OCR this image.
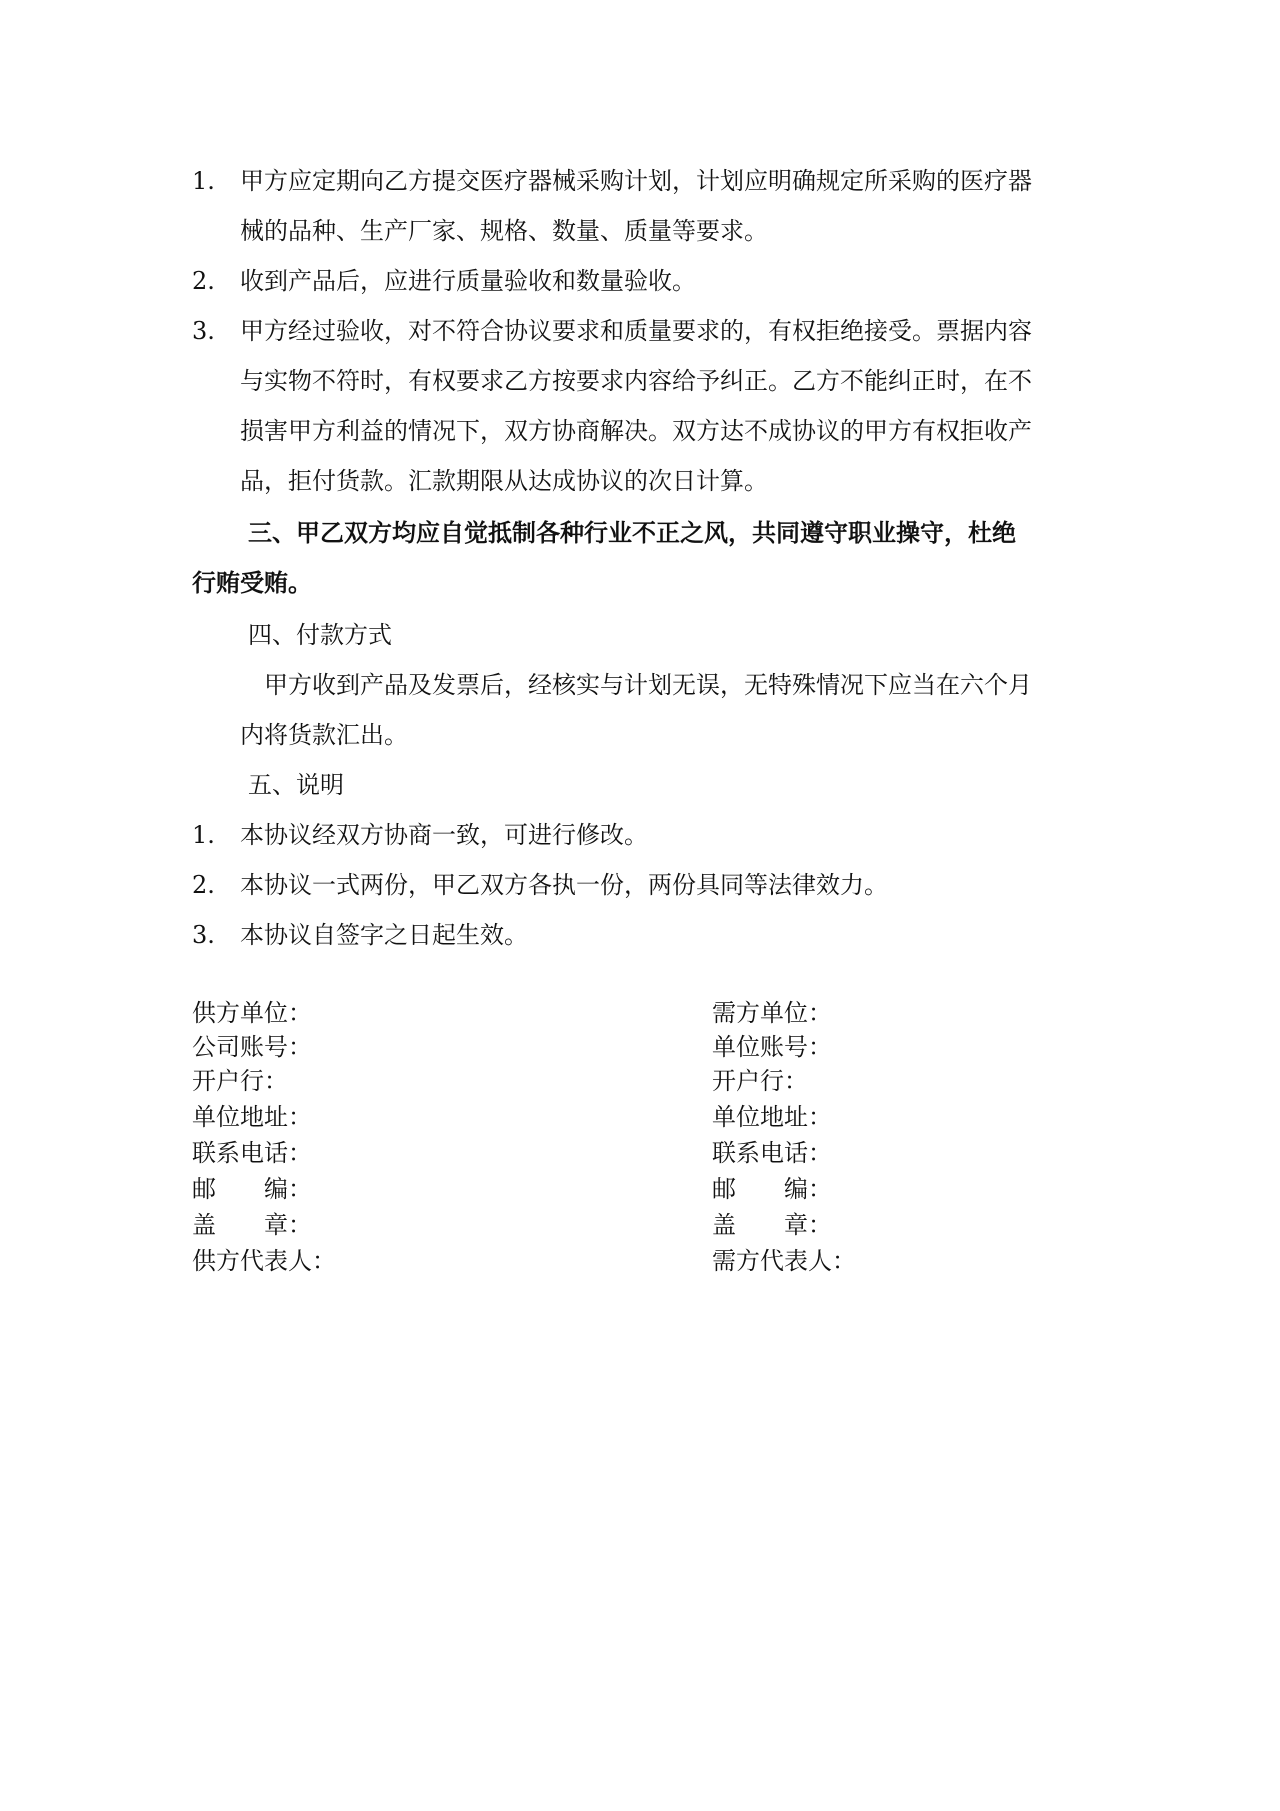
1. 甲方应定期向乙方提交医疗器械采购计划，计划应明确规定所采购的医疗器
械的品种、生产厂家、规格、数量、质量等要求。
2. 收到产品后，应进行质量验收和数量验收。
3. 甲方经过验收，对不符合协议要求和质量要求的，有权拒绝接受。票据内容
与实物不符时，有权要求乙方按要求内容给予纠正。乙方不能纠正时，在不
损害甲方利益的情况下，双方协商解决。双方达不成协议的甲方有权拒收产
品，拒付货款。汇款期限从达成协议的次日计算。
三、甲乙双方均应自觉抵制各种行业不正之风，共同遵守职业操守，杜绝
行贿受贿。
四、付款方式
甲方收到产品及发票后，经核实与计划无误，无特殊情况下应当在六个月
内将货款汇出。
五、说明
1. 本协议经双方协商一致，可进行修改。
2. 本协议一式两份，甲乙双方各执一份，两份具同等法律效力。
3. 本协议自签字之日起生效。
供方单位：
公司账号：
开户行：
单位地址：
联系电话：
邮　　编：
盖　　章：
供方代表人：
需方单位：
单位账号：
开户行：
单位地址：
联系电话：
邮　　编：
盖　　章：
需方代表人：
